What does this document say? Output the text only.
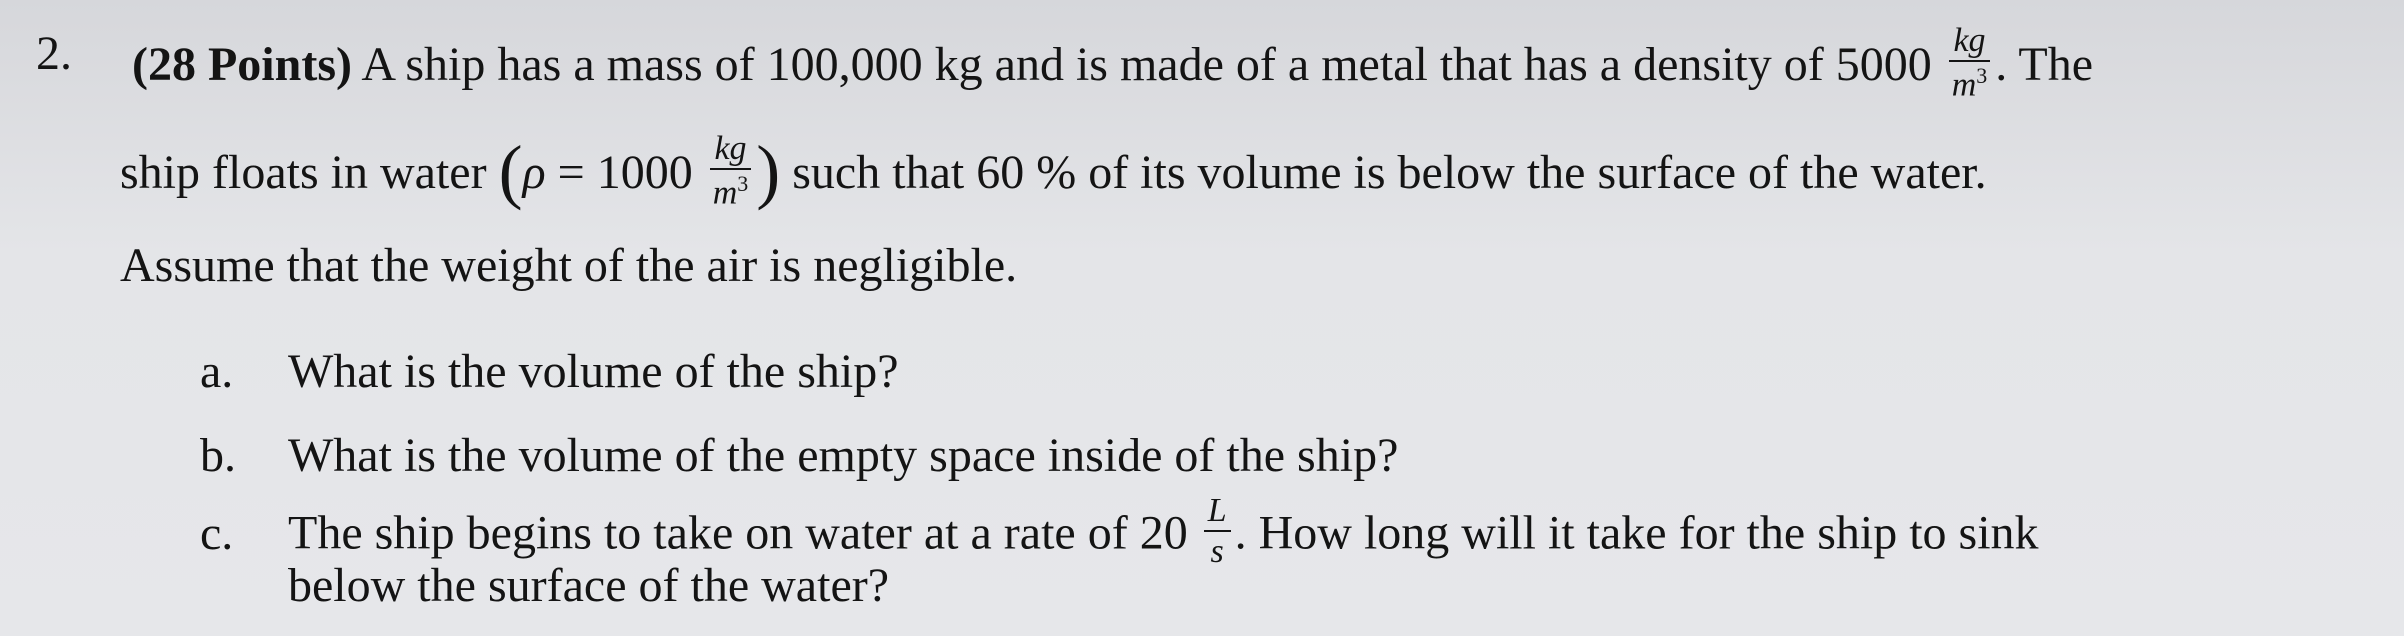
2. (28 Points) A ship has a mass of 100,000 kg and is made of a metal that has a density of $5000 \frac{kg}{m^3}$ . The
ship floats in water ($\rho = 1000 \frac{kg}{m^3}$ ) such that 60 % of its volume is below the surface of the water.
Assume that the weight of the air is negligible.
a. What is the volume of the ship?
b. What is the volume of the empty space inside of the ship?
c. The ship begins to take on water at a rate of $20 \frac{L}{s}$ . How long will it take for the ship to sink
below the surface of the water?
